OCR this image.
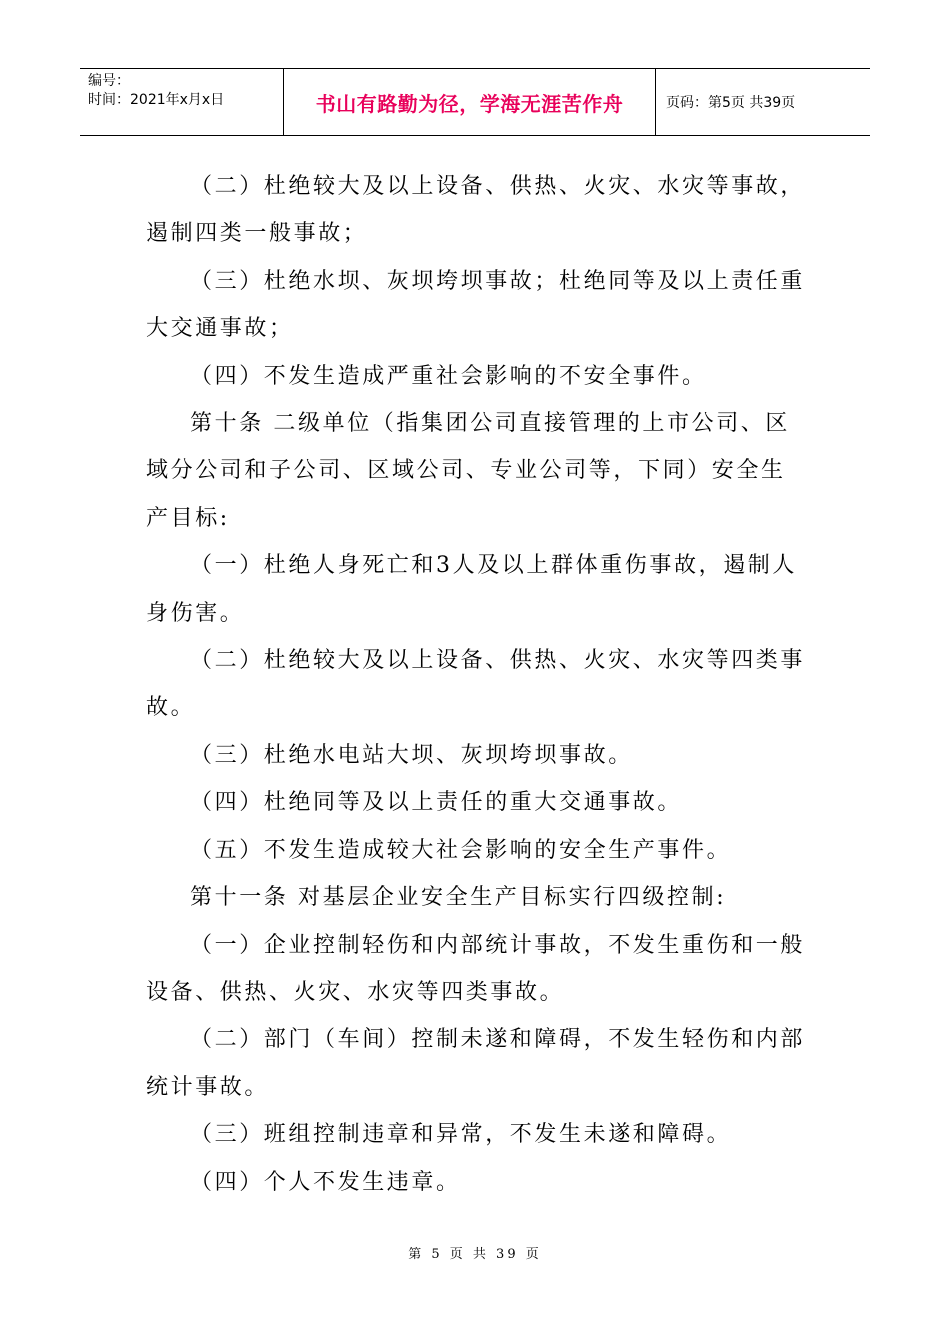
编号：
时间：2021年x月x日	书山有路勤为径，学海无涯苦作舟	页码：第5页 共39页

（二）杜绝较大及以上设备、供热、火灾、水灾等事故，遏制四类一般事故；

（三）杜绝水坝、灰坝垮坝事故；杜绝同等及以上责任重大交通事故；

（四）不发生造成严重社会影响的不安全事件。

第十条 二级单位（指集团公司直接管理的上市公司、区域分公司和子公司、区域公司、专业公司等，下同）安全生产目标:

（一）杜绝人身死亡和3人及以上群体重伤事故，遏制人身伤害。

（二）杜绝较大及以上设备、供热、火灾、水灾等四类事故。

（三）杜绝水电站大坝、灰坝垮坝事故。

（四）杜绝同等及以上责任的重大交通事故。

（五）不发生造成较大社会影响的安全生产事件。

第十一条 对基层企业安全生产目标实行四级控制:

（一）企业控制轻伤和内部统计事故，不发生重伤和一般设备、供热、火灾、水灾等四类事故。

（二）部门（车间）控制未遂和障碍，不发生轻伤和内部统计事故。

（三）班组控制违章和异常，不发生未遂和障碍。

（四）个人不发生违章。

第 5 页 共 39 页
